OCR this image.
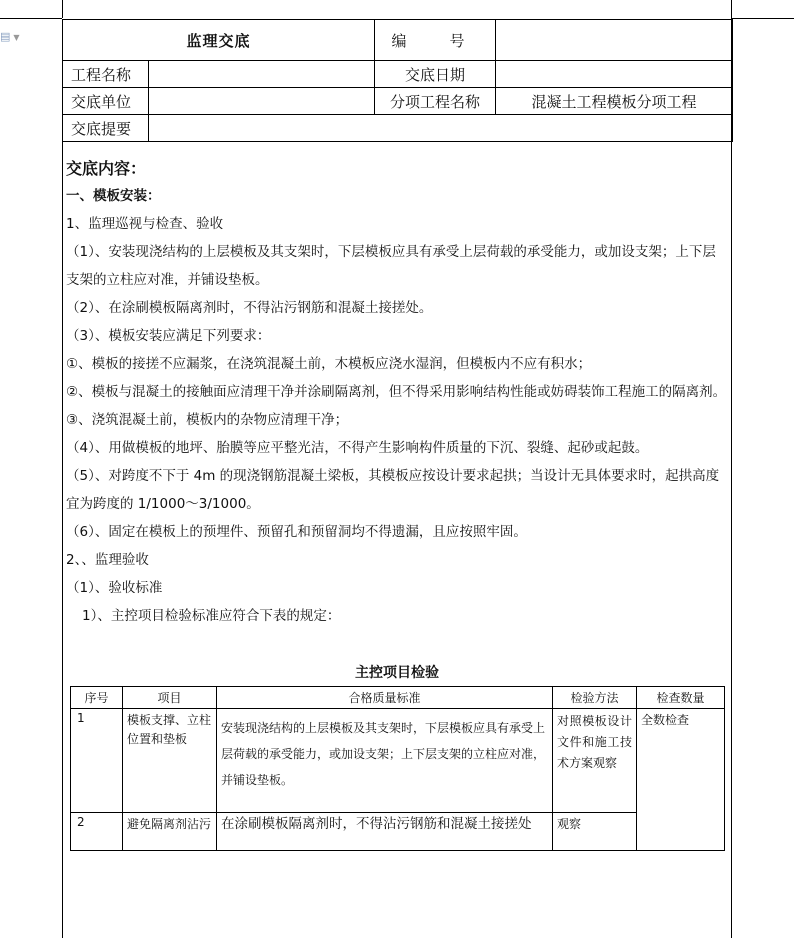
▤ ▼	监理交底		编　号	
工程名称		交底日期	
交底单位		分项工程名称	混凝土工程模板分项工程
交底提要			

交底内容：

一、模板安装：

1、监理巡视与检查、验收

（1）、安装现浇结构的上层模板及其支架时，下层模板应具有承受上层荷载的承受能力，或加设支架；上下层支架的立柱应对准，并铺设垫板。

（2）、在涂刷模板隔离剂时，不得沾污钢筋和混凝土接搓处。

（3）、模板安装应满足下列要求：

①、模板的接搓不应漏浆，在浇筑混凝土前，木模板应浇水湿润，但模板内不应有积水；

②、模板与混凝土的接触面应清理干净并涂刷隔离剂，但不得采用影响结构性能或妨碍装饰工程施工的隔离剂。

③、浇筑混凝土前，模板内的杂物应清理干净；

（4）、用做模板的地坪、胎膜等应平整光洁，不得产生影响构件质量的下沉、裂缝、起砂或起鼓。

（5）、对跨度不下于 4m 的现浇钢筋混凝土梁板，其模板应按设计要求起拱；当设计无具体要求时，起拱高度宜为跨度的 1/1000～3/1000。

（6）、固定在模板上的预埋件、预留孔和预留洞均不得遗漏，且应按照牢固。

2、、监理验收

（1）、验收标准

1）、主控项目检验标准应符合下表的规定：

主控项目检验
序号	项目	合格质量标准	检验方法	检查数量
1	模板支撑、立柱位置和垫板	安装现浇结构的上层模板及其支架时，下层模板应具有承受上层荷载的承受能力，或加设支架；上下层支架的立柱应对准，并铺设垫板。	对照模板设计文件和施工技术方案观察	全数检查
2	避免隔离剂沾污	在涂刷模板隔离剂时，不得沾污钢筋和混凝土接搓处	观察	
